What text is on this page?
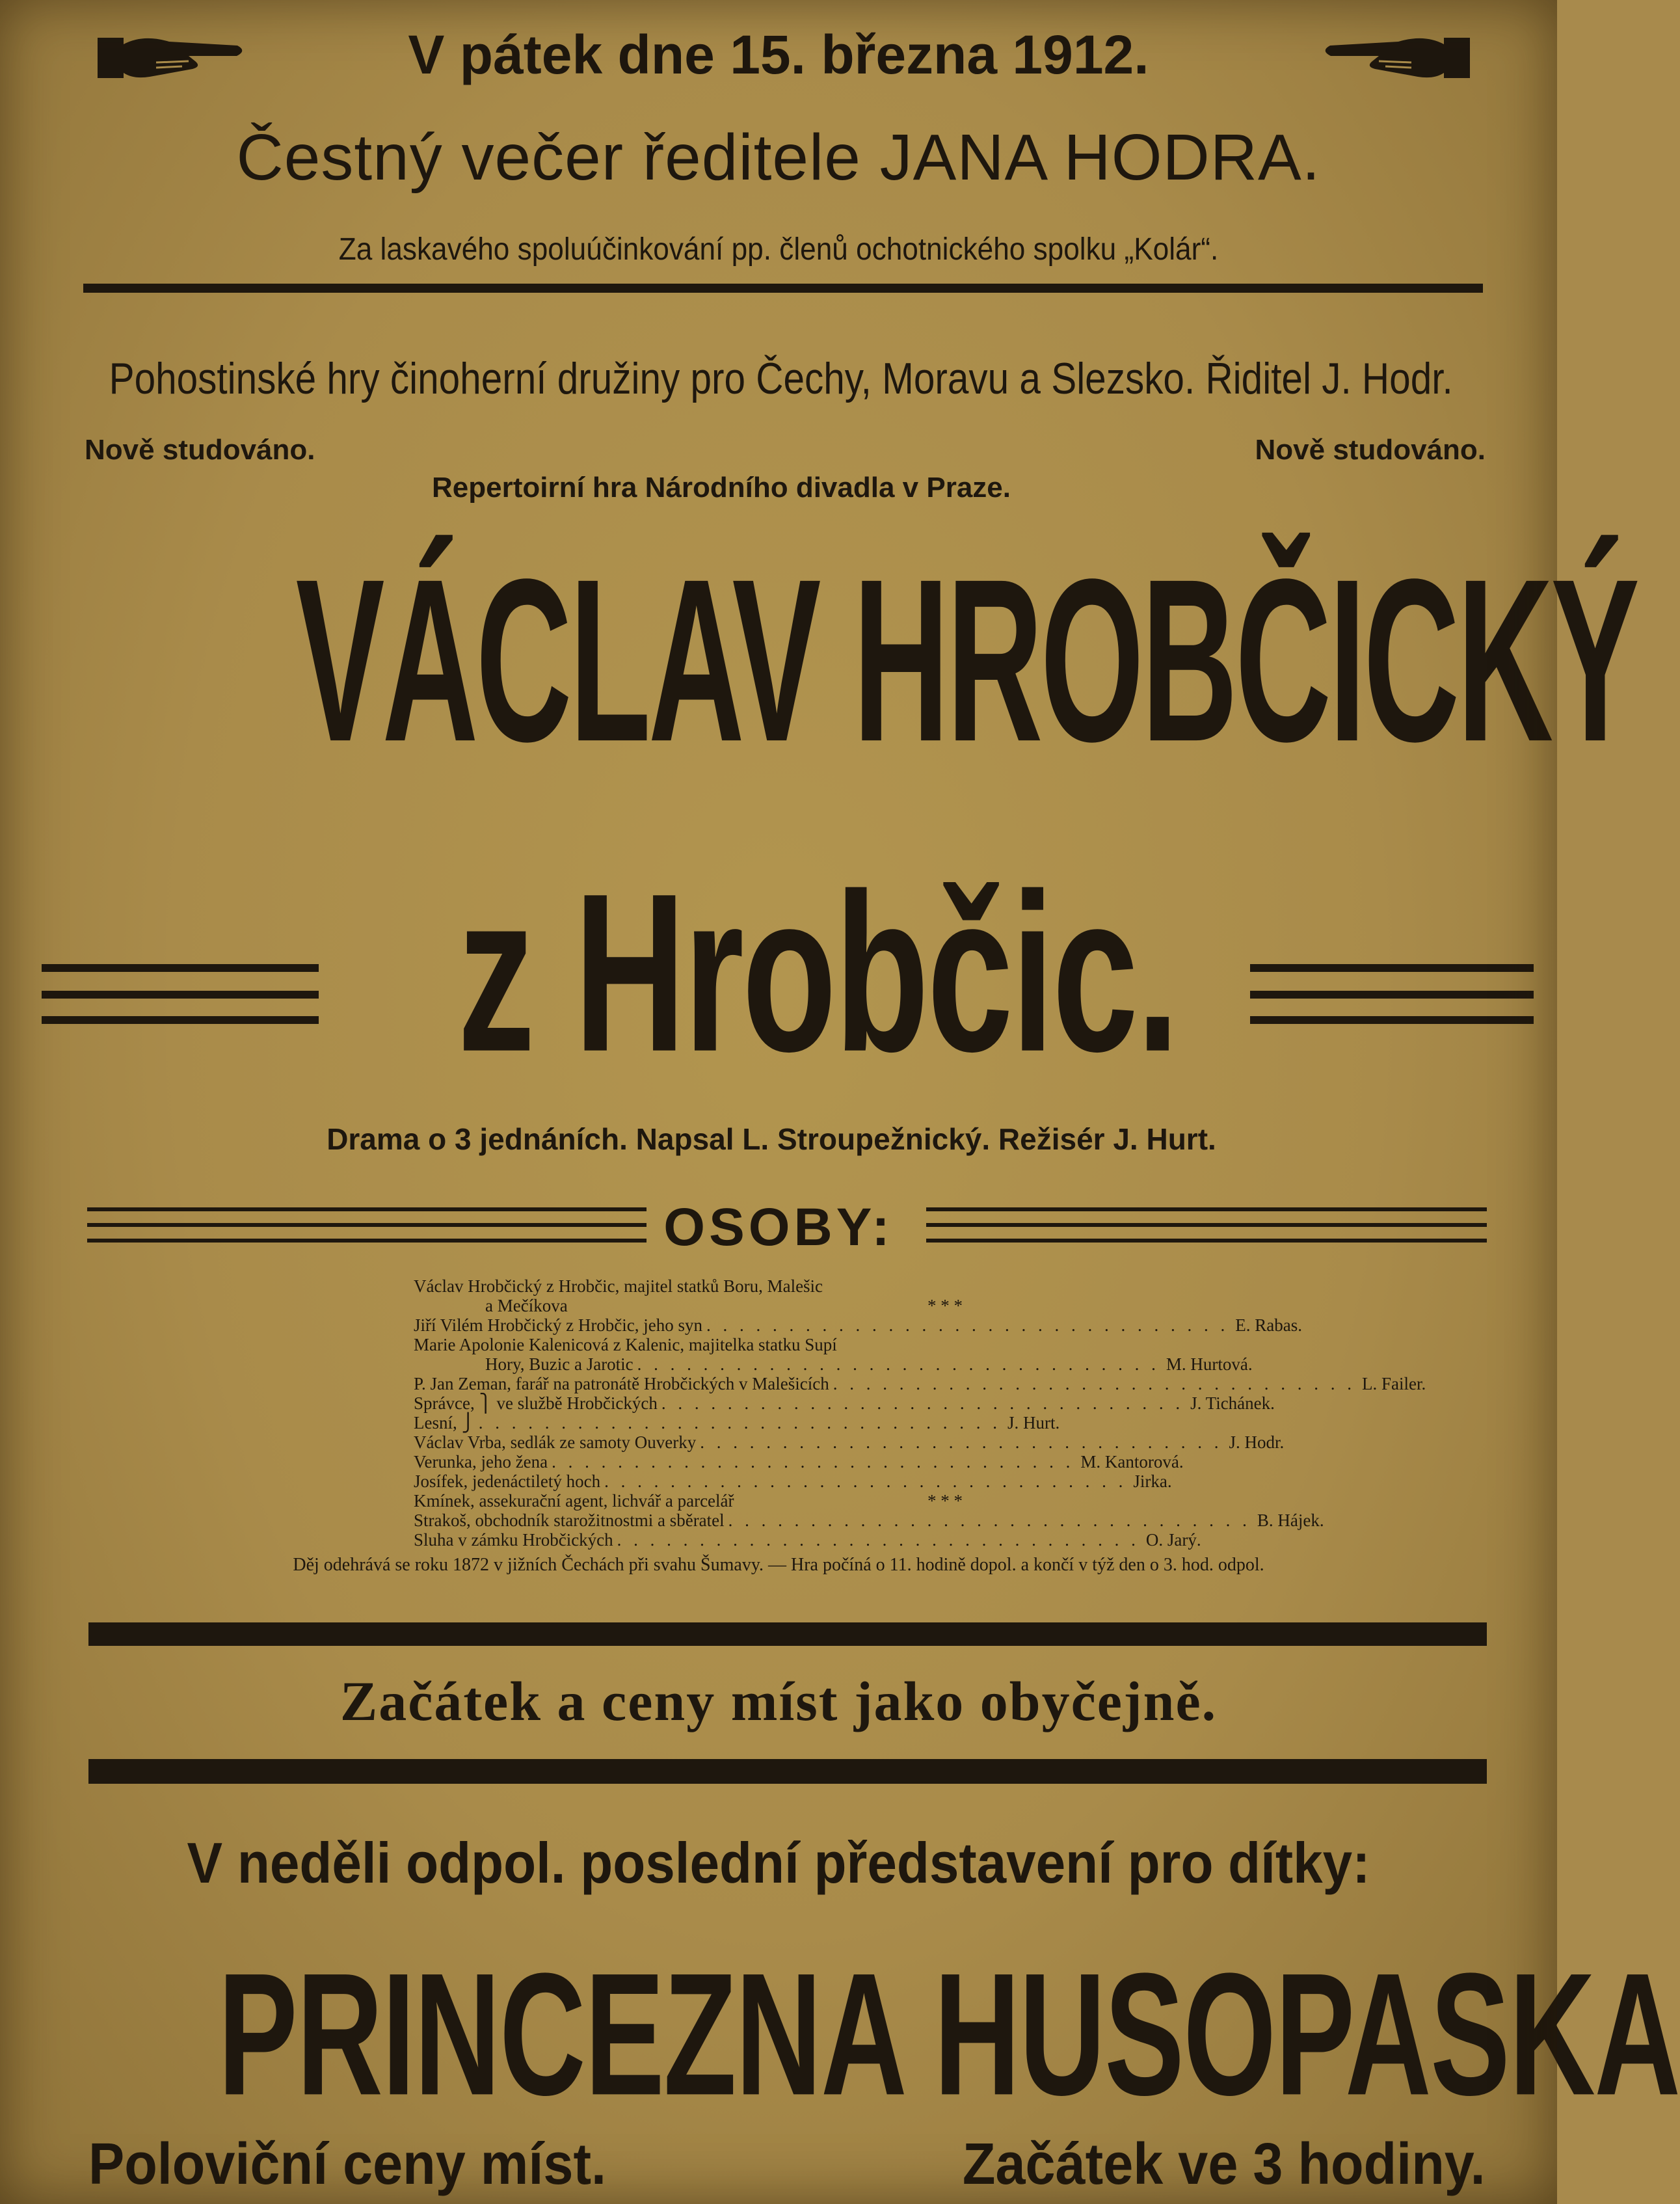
V pátek dne 15. března 1912.
Čestný večer ředitele JANA HODRA.
Za laskavého spoluúčinkování pp. členů ochotnického spolku „Kolár“.
Pohostinské hry činoherní družiny pro Čechy, Moravu a Slezsko. Řiditel J. Hodr.
Nově studováno.	Nově studováno.
Repertoirní hra Národního divadla v Praze.
VÁCLAV HROBČICKÝ
z Hrobčic.
Drama o 3 jednáních. Napsal L. Stroupežnický. Režisér J. Hurt.
OSOBY:
Václav Hrobčický z Hrobčic, majitel statků Boru, Malešic
a Mečíkova	* * *
Jiří Vilém Hrobčický z Hrobčic, jeho syn . . . . . . . . . . . . . . . . . . . . . . . . . . . . . . . . E. Rabas.
Marie Apolonie Kalenicová z Kalenic, majitelka statku Supí
Hory, Buzic a Jarotic . . . . . . . . . . . . . . . . . . . . . . . . . . . . . . . . M. Hurtová.
P. Jan Zeman, farář na patronátě Hrobčických v Malešicích . . . . . . . . . . . . . . . . . . . . . . . . . . . . . . . . L. Failer.
Správce, ⎫ ve službě Hrobčických . . . . . . . . . . . . . . . . . . . . . . . . . . . . . . . . J. Tichánek.
Lesní, ⎭ . . . . . . . . . . . . . . . . . . . . . . . . . . . . . . . . J. Hurt.
Václav Vrba, sedlák ze samoty Ouverky . . . . . . . . . . . . . . . . . . . . . . . . . . . . . . . . J. Hodr.
Verunka, jeho žena . . . . . . . . . . . . . . . . . . . . . . . . . . . . . . . . M. Kantorová.
Josífek, jedenáctiletý hoch . . . . . . . . . . . . . . . . . . . . . . . . . . . . . . . . Jirka.
Kmínek, assekurační agent, lichvář a parcelář	* * *
Strakoš, obchodník starožitnostmi a sběratel . . . . . . . . . . . . . . . . . . . . . . . . . . . . . . . . B. Hájek.
Sluha v zámku Hrobčických . . . . . . . . . . . . . . . . . . . . . . . . . . . . . . . . O. Jarý.
Děj odehrává se roku 1872 v jižních Čechách při svahu Šumavy. — Hra počíná o 11. hodině dopol. a končí v týž den o 3. hod. odpol.
Začátek a ceny míst jako obyčejně.
V neděli odpol. poslední představení pro dítky:
PRINCEZNA HUSOPASKA
Poloviční ceny míst.	Začátek ve 3 hodiny.
